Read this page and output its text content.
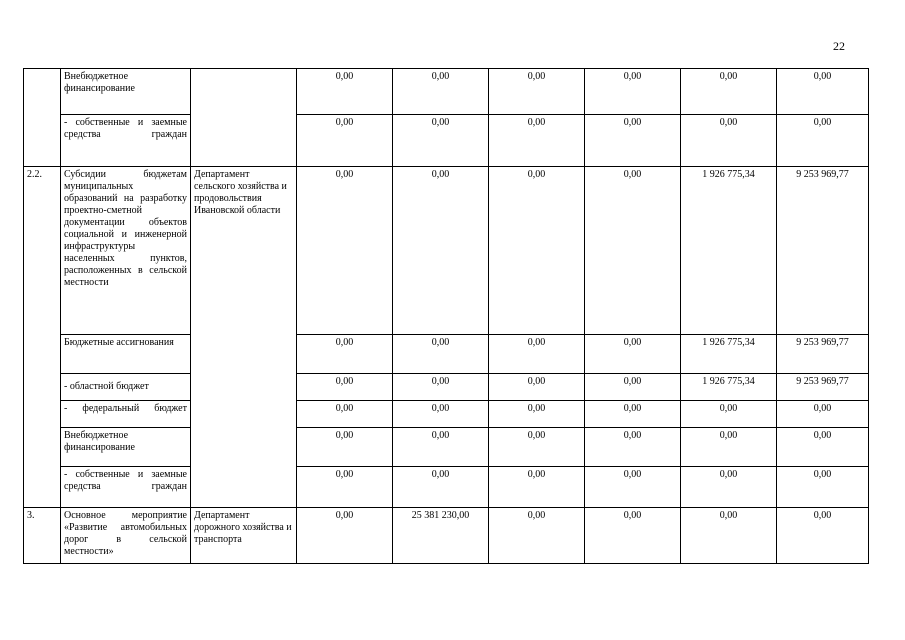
22
	Внебюджетное финансирование		0,00	0,00	0,00	0,00	0,00	0,00
	- собственные и заемные средства граждан		0,00	0,00	0,00	0,00	0,00	0,00
2.2.	Субсидии бюджетам муниципальных образований на разработку проектно-сметной документации объектов социальной и инженерной инфраструктуры населенных пунктов, расположенных в сельской местности	Департамент сельского хозяйства и продовольствия Ивановской области	0,00	0,00	0,00	0,00	1 926 775,34	9 253 969,77
	Бюджетные ассигнования		0,00	0,00	0,00	0,00	1 926 775,34	9 253 969,77
	- областной бюджет		0,00	0,00	0,00	0,00	1 926 775,34	9 253 969,77
	- федеральный бюджет		0,00	0,00	0,00	0,00	0,00	0,00
	Внебюджетное финансирование		0,00	0,00	0,00	0,00	0,00	0,00
	- собственные и заемные средства граждан		0,00	0,00	0,00	0,00	0,00	0,00
3.	Основное мероприятие «Развитие автомобильных дорог в сельской местности»	Департамент дорожного хозяйства и транспорта	0,00	25 381 230,00	0,00	0,00	0,00	0,00
